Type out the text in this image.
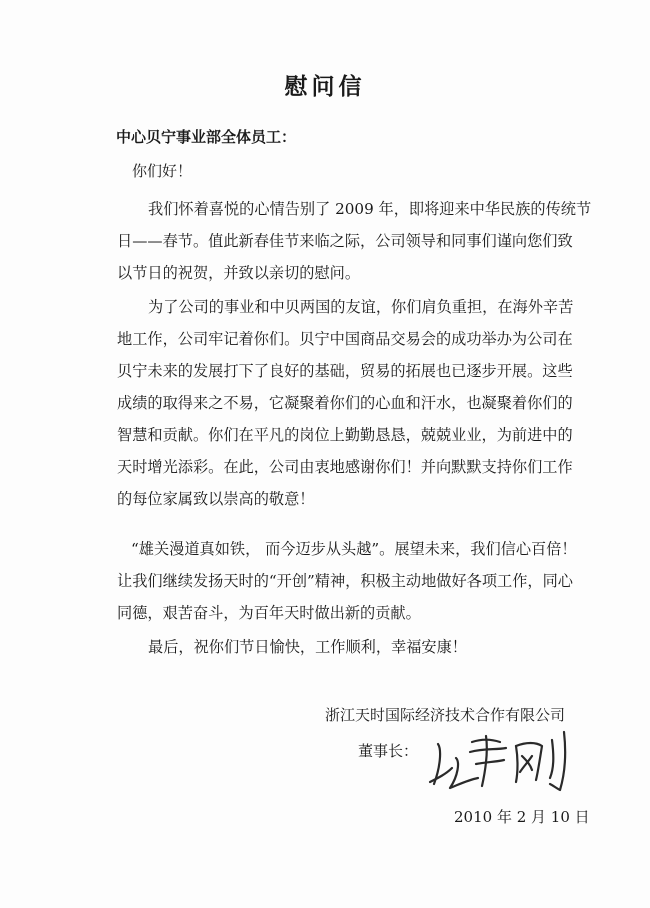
慰问信
中心贝宁事业部全体员工：
你们好！
我们怀着喜悦的心情告别了 2009 年，即将迎来中华民族的传统节
日——春节。值此新春佳节来临之际，公司领导和同事们谨向您们致
以节日的祝贺，并致以亲切的慰问。
为了公司的事业和中贝两国的友谊，你们肩负重担，在海外辛苦
地工作，公司牢记着你们。贝宁中国商品交易会的成功举办为公司在
贝宁未来的发展打下了良好的基础，贸易的拓展也已逐步开展。这些
成绩的取得来之不易，它凝聚着你们的心血和汗水，也凝聚着你们的
智慧和贡献。你们在平凡的岗位上勤勤恳恳，兢兢业业，为前进中的
天时增光添彩。在此，公司由衷地感谢你们！并向默默支持你们工作
的每位家属致以崇高的敬意！
“雄关漫道真如铁， 而今迈步从头越”。展望未来，我们信心百倍！
让我们继续发扬天时的“开创”精神，积极主动地做好各项工作，同心
同德，艰苦奋斗，为百年天时做出新的贡献。
最后，祝你们节日愉快，工作顺利，幸福安康！
浙江天时国际经济技术合作有限公司
董事长：
2010 年 2 月 10 日
